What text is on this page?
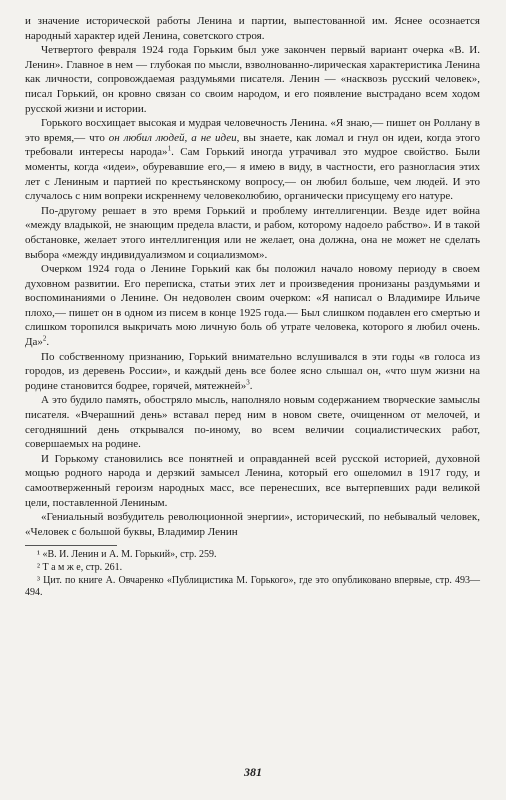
и значение исторической работы Ленина и партии, выпестованной им. Яснее осознается народный характер идей Ленина, советского строя.

Четвертого февраля 1924 года Горьким был уже закончен первый вариант очерка «В. И. Ленин». Главное в нем — глубокая по мысли, взволнованно-лирическая характеристика Ленина как личности, сопровождаемая раздумьями писателя. Ленин — «насквозь русский человек», писал Горький, он кровно связан со своим народом, и его появление выстрадано всем ходом русской жизни и истории.

Горького восхищает высокая и мудрая человечность Ленина. «Я знаю,— пишет он Роллану в это время,— что он любил людей, а не идеи, вы знаете, как ломал и гнул он идеи, когда этого требовали интересы народа»$^1$. Сам Горький иногда утрачивал это мудрое свойство. Были моменты, когда «идеи», обуревавшие его,— я имею в виду, в частности, его разногласия этих лет с Лениным и партией по крестьянскому вопросу,— он любил больше, чем людей. И это случалось с ним вопреки искреннему человеколюбию, органически присущему его натуре.

По-другому решает в это время Горький и проблему интеллигенции. Везде идет война «между владыкой, не знающим предела власти, и рабом, которому надоело рабство». И в такой обстановке, желает этого интеллигенция или не желает, она должна, она не может не сделать выбора «между индивидуализмом и социализмом».

Очерком 1924 года о Ленине Горький как бы положил начало новому периоду в своем духовном развитии. Его переписка, статьи этих лет и произведения пронизаны раздумьями и воспоминаниями о Ленине. Он недоволен своим очерком: «Я написал о Владимире Ильиче плохо,— пишет он в одном из писем в конце 1925 года.— Был слишком подавлен его смертью и слишком торопился выкричать мою личную боль об утрате человека, которого я любил очень. Да»$^2$.

По собственному признанию, Горький внимательно вслушивался в эти годы «в голоса из городов, из деревень России», и каждый день все более ясно слышал он, «что шум жизни на родине становится бодрее, горячей, мятежней»$^3$.

А это будило память, обостряло мысль, наполняло новым содержанием творческие замыслы писателя. «Вчерашний день» вставал перед ним в новом свете, очищенном от мелочей, и сегодняшний день открывался по-иному, во всем величии социалистических работ, совершаемых на родине.

И Горькому становились все понятней и оправданней всей русской историей, духовной мощью родного народа и дерзкий замысел Ленина, который его ошеломил в 1917 году, и самоотверженный героизм народных масс, все перенесших, все вытерпевших ради великой цели, поставленной Лениным.

«Гениальный возбудитель революционной энергии», исторический, по небывалый человек, «Человек с большой буквы, Владимир Ленин

¹ «В. И. Ленин и А. М. Горький», стр. 259.

² Т а м ж е, стр. 261.

³ Цит. по книге А. Овчаренко «Публицистика М. Горького», где это опубликовано впервые, стр. 493—494.

381
